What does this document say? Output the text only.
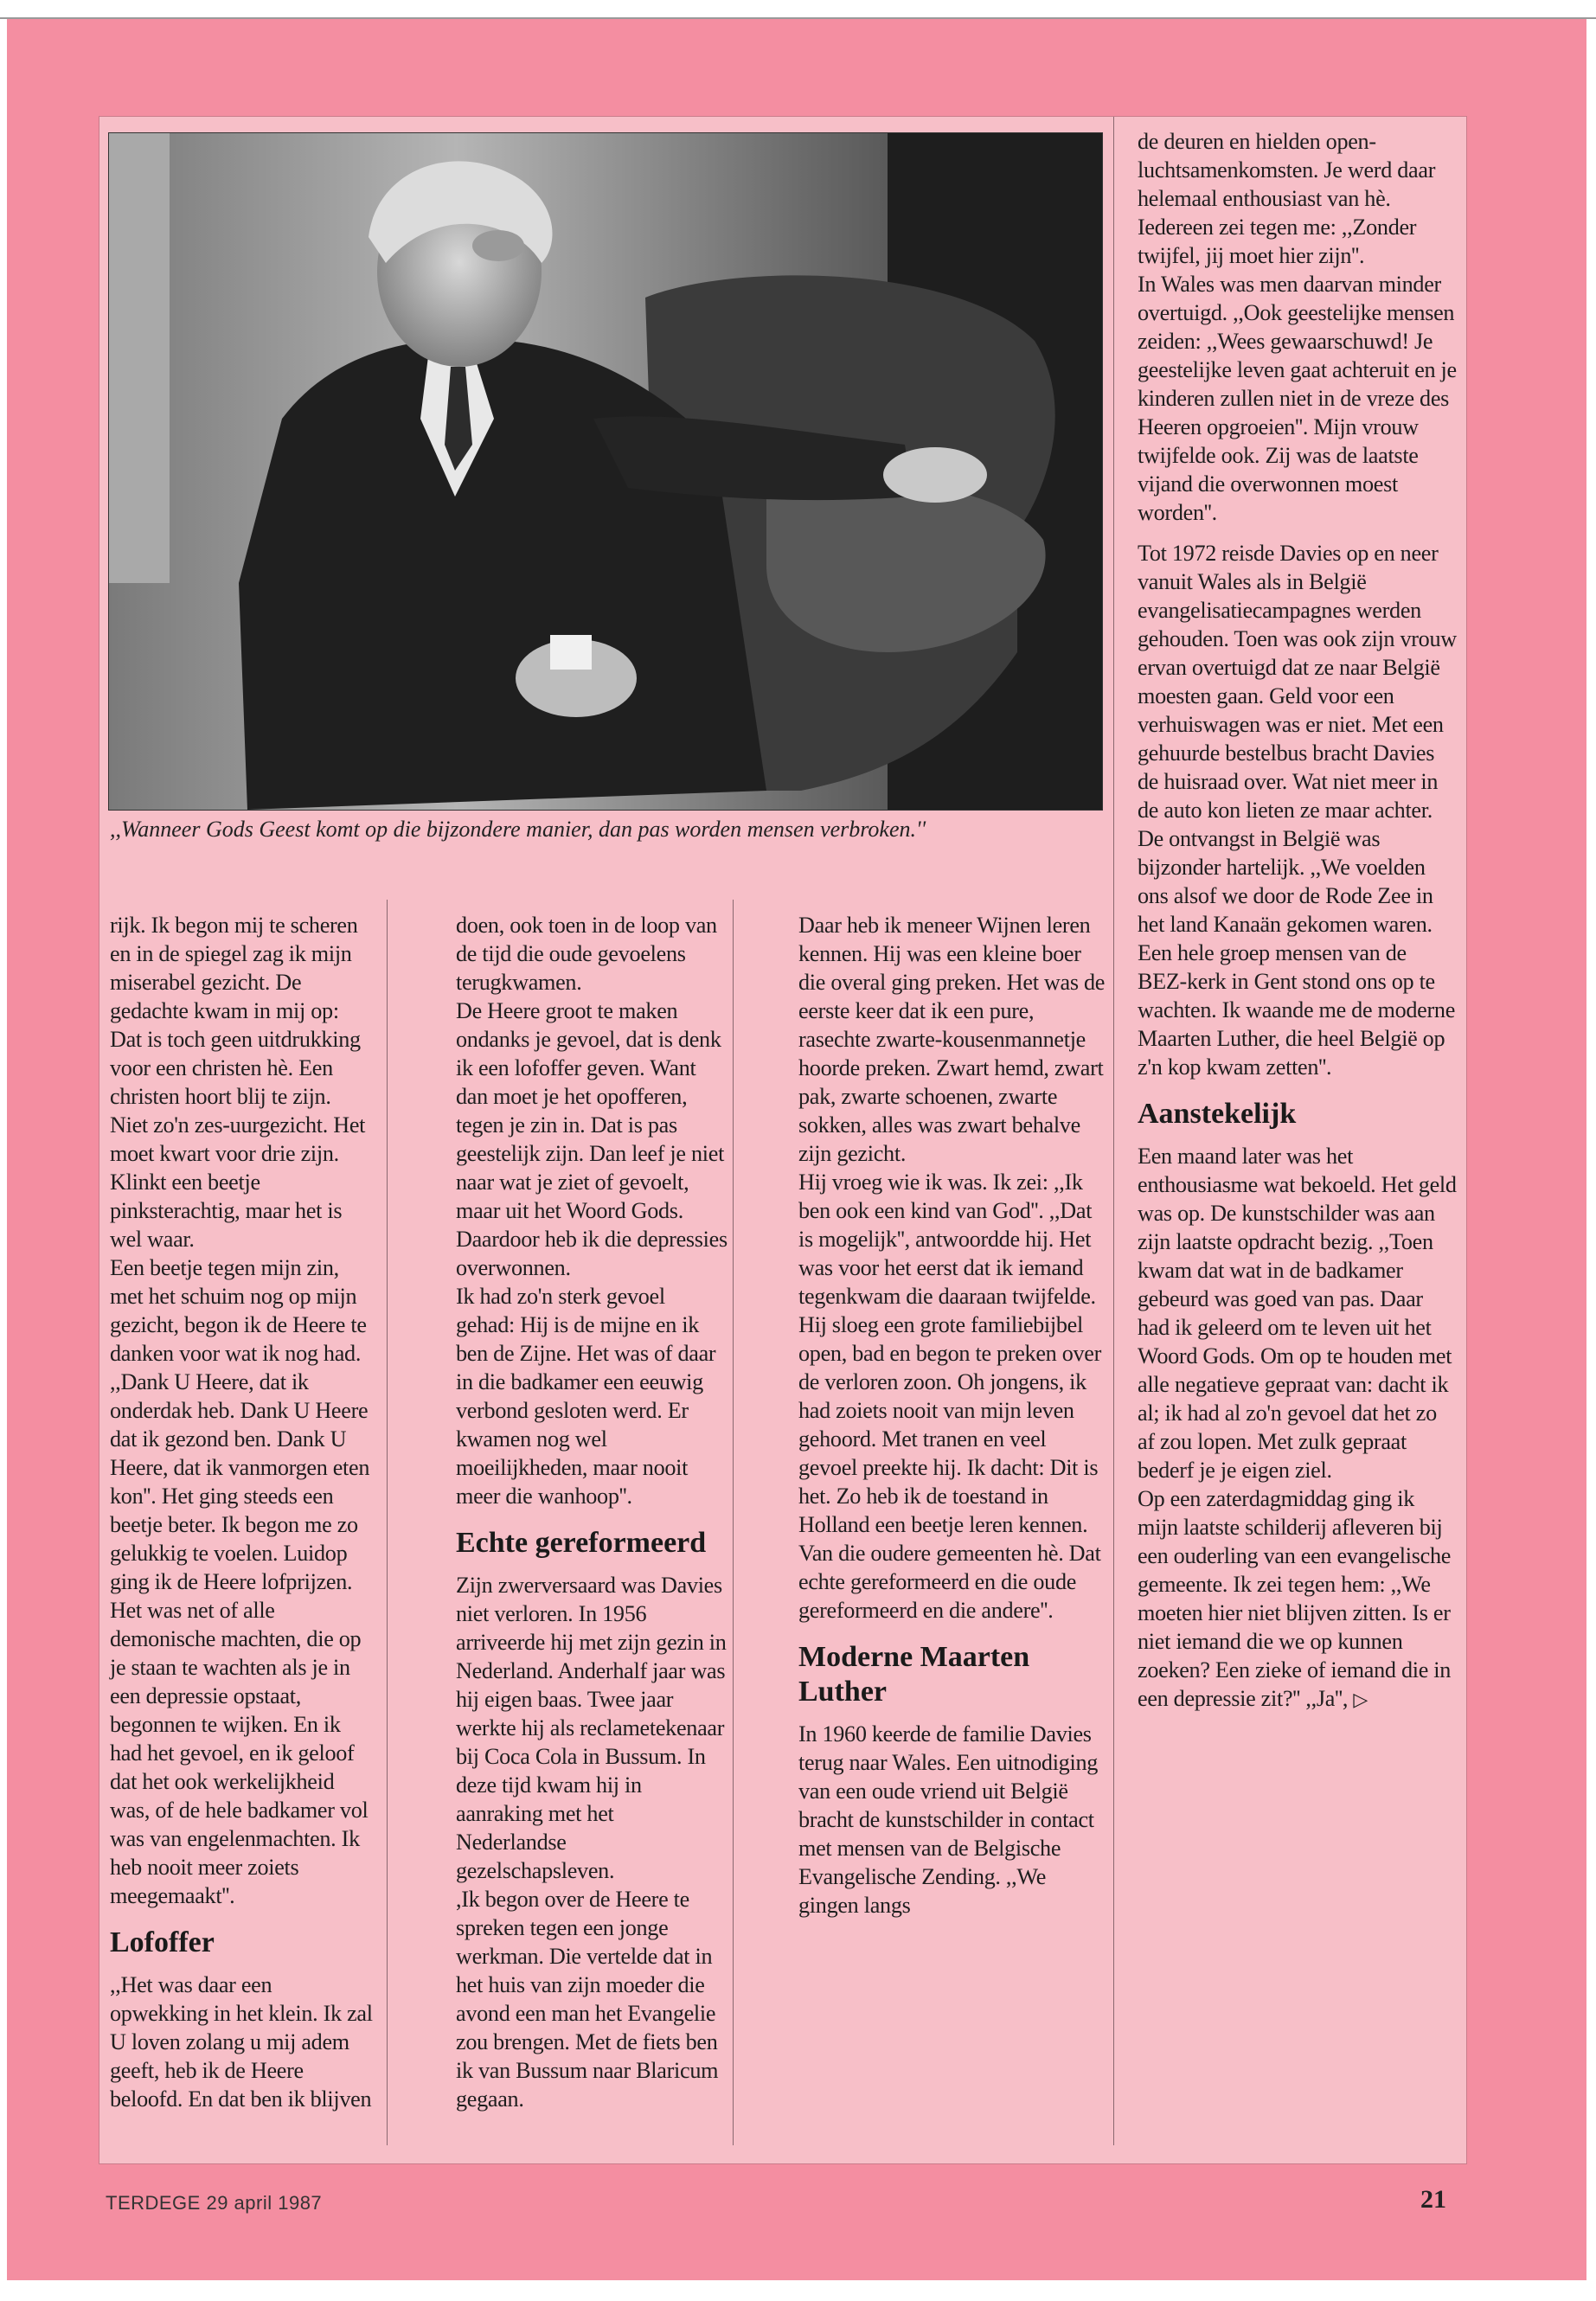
,,Wanneer Gods Geest komt op die bijzondere manier, dan pas worden mensen verbroken.''

rijk. Ik begon mij te scheren en in de spiegel zag ik mijn miserabel gezicht. De gedachte kwam in mij op: Dat is toch geen uitdrukking voor een christen hè. Een christen hoort blij te zijn. Niet zo'n zes-uurgezicht. Het moet kwart voor drie zijn. Klinkt een beetje pinksterachtig, maar het is wel waar.

Een beetje tegen mijn zin, met het schuim nog op mijn gezicht, begon ik de Heere te danken voor wat ik nog had. ,,Dank U Heere, dat ik onderdak heb. Dank U Heere dat ik gezond ben. Dank U Heere, dat ik vanmorgen eten kon''. Het ging steeds een beetje beter. Ik begon me zo gelukkig te voelen. Luidop ging ik de Heere lofprijzen. Het was net of alle demonische machten, die op je staan te wachten als je in een depressie opstaat, begonnen te wijken. En ik had het gevoel, en ik geloof dat het ook werkelijkheid was, of de hele badkamer vol was van engelenmachten. Ik heb nooit meer zoiets meegemaakt''.

Lofoffer

,,Het was daar een opwekking in het klein. Ik zal U loven zolang u mij adem geeft, heb ik de Heere beloofd. En dat ben ik blijven

doen, ook toen in de loop van de tijd die oude gevoelens terugkwamen.

De Heere groot te maken ondanks je gevoel, dat is denk ik een lofoffer geven. Want dan moet je het opofferen, tegen je zin in. Dat is pas geestelijk zijn. Dan leef je niet naar wat je ziet of gevoelt, maar uit het Woord Gods. Daardoor heb ik die depressies overwonnen.

Ik had zo'n sterk gevoel gehad: Hij is de mijne en ik ben de Zijne. Het was of daar in die badkamer een eeuwig verbond gesloten werd. Er kwamen nog wel moeilijkheden, maar nooit meer die wanhoop''.

Echte gereformeerd

Zijn zwerversaard was Davies niet verloren. In 1956 arriveerde hij met zijn gezin in Nederland. Anderhalf jaar was hij eigen baas. Twee jaar werkte hij als reclametekenaar bij Coca Cola in Bussum. In deze tijd kwam hij in aanraking met het Nederlandse gezelschapsleven.

,Ik begon over de Heere te spreken tegen een jonge werkman. Die vertelde dat in het huis van zijn moeder die avond een man het Evangelie zou brengen. Met de fiets ben ik van Bussum naar Blaricum gegaan.

Daar heb ik meneer Wijnen leren kennen. Hij was een kleine boer die overal ging preken. Het was de eerste keer dat ik een pure, rasechte zwarte-kousenmannetje hoorde preken. Zwart hemd, zwart pak, zwarte schoenen, zwarte sokken, alles was zwart behalve zijn gezicht.

Hij vroeg wie ik was. Ik zei: ,,Ik ben ook een kind van God''. ,,Dat is mogelijk'', antwoordde hij. Het was voor het eerst dat ik iemand tegenkwam die daaraan twijfelde. Hij sloeg een grote familiebijbel open, bad en begon te preken over de verloren zoon. Oh jongens, ik had zoiets nooit van mijn leven gehoord. Met tranen en veel gevoel preekte hij. Ik dacht: Dit is het. Zo heb ik de toestand in Holland een beetje leren kennen. Van die oudere gemeenten hè. Dat echte gereformeerd en die oude gereformeerd en die andere''.

Moderne Maarten Luther

In 1960 keerde de familie Davies terug naar Wales. Een uitnodiging van een oude vriend uit België bracht de kunstschilder in contact met mensen van de Belgische Evangelische Zending. ,,We gingen langs

de deuren en hielden open-luchtsamenkomsten. Je werd daar helemaal enthousiast van hè. Iedereen zei tegen me: ,,Zonder twijfel, jij moet hier zijn''.

In Wales was men daarvan minder overtuigd. ,,Ook geestelijke mensen zeiden: ,,Wees gewaarschuwd! Je geestelijke leven gaat achteruit en je kinderen zullen niet in de vreze des Heeren opgroeien''. Mijn vrouw twijfelde ook. Zij was de laatste vijand die overwonnen moest worden''.

Tot 1972 reisde Davies op en neer vanuit Wales als in België evangelisatiecampagnes werden gehouden. Toen was ook zijn vrouw ervan overtuigd dat ze naar België moesten gaan. Geld voor een verhuiswagen was er niet. Met een gehuurde bestelbus bracht Davies de huisraad over. Wat niet meer in de auto kon lieten ze maar achter.

De ontvangst in België was bijzonder hartelijk. ,,We voelden ons alsof we door de Rode Zee in het land Kanaän gekomen waren. Een hele groep mensen van de BEZ-kerk in Gent stond ons op te wachten. Ik waande me de moderne Maarten Luther, die heel België op z'n kop kwam zetten''.

Aanstekelijk

Een maand later was het enthousiasme wat bekoeld. Het geld was op. De kunstschilder was aan zijn laatste opdracht bezig. ,,Toen kwam dat wat in de badkamer gebeurd was goed van pas. Daar had ik geleerd om te leven uit het Woord Gods. Om op te houden met alle negatieve gepraat van: dacht ik al; ik had al zo'n gevoel dat het zo af zou lopen. Met zulk gepraat bederf je je eigen ziel.

Op een zaterdagmiddag ging ik mijn laatste schilderij afleveren bij een ouderling van een evangelische gemeente. Ik zei tegen hem: ,,We moeten hier niet blijven zitten. Is er niet iemand die we op kunnen zoeken? Een zieke of iemand die in een depressie zit?'' ,,Ja'', ▷
TERDEGE 29 april 1987	21
